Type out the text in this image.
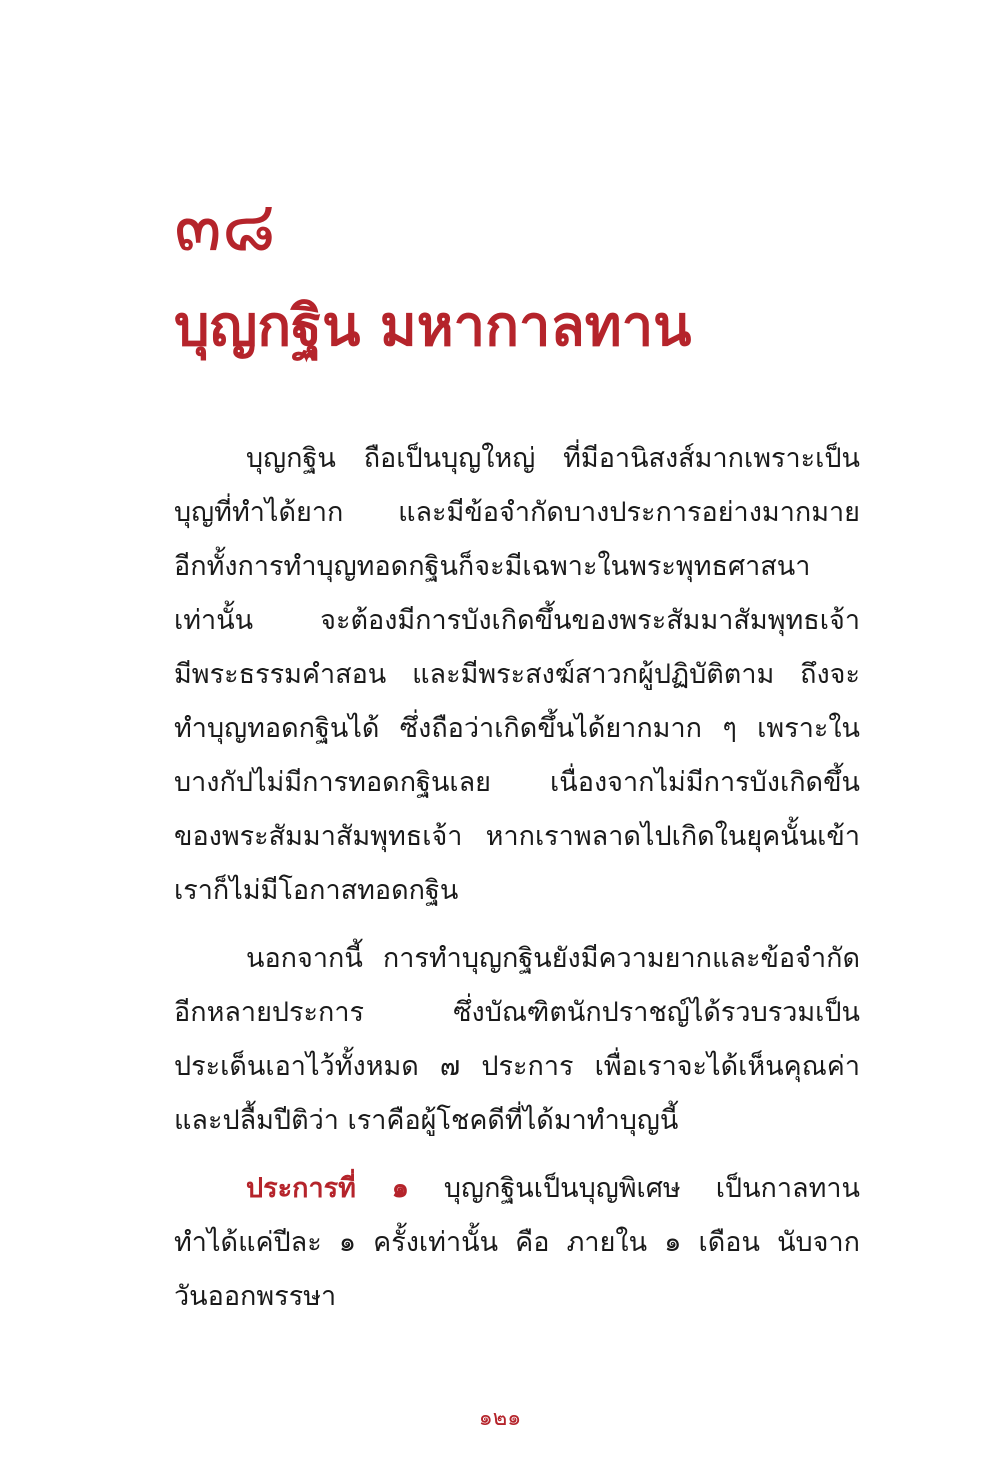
๓๘
บุญกฐิน มหากาลทาน
บุญกฐิน ถือเป็นบุญใหญ่ ที่มีอานิสงส์มากเพราะเป็น
บุญที่ทำได้ยาก และมีข้อจำกัดบางประการอย่างมากมาย
อีกทั้งการทำบุญทอดกฐินก็จะมีเฉพาะในพระพุทธศาสนา
เท่านั้น จะต้องมีการบังเกิดขึ้นของพระสัมมาสัมพุทธเจ้า
มีพระธรรมคำสอน และมีพระสงฆ์สาวกผู้ปฏิบัติตาม ถึงจะ
ทำบุญทอดกฐินได้ ซึ่งถือว่าเกิดขึ้นได้ยากมาก ๆ เพราะใน
บางกัปไม่มีการทอดกฐินเลย เนื่องจากไม่มีการบังเกิดขึ้น
ของพระสัมมาสัมพุทธเจ้า หากเราพลาดไปเกิดในยุคนั้นเข้า
เราก็ไม่มีโอกาสทอดกฐิน
นอกจากนี้ การทำบุญกฐินยังมีความยากและข้อจำกัด
อีกหลายประการ ซึ่งบัณฑิตนักปราชญ์ได้รวบรวมเป็น
ประเด็นเอาไว้ทั้งหมด ๗ ประการ เพื่อเราจะได้เห็นคุณค่า
และปลื้มปีติว่า เราคือผู้โชคดีที่ได้มาทำบุญนี้
ประการที่ ๑ บุญกฐินเป็นบุญพิเศษ เป็นกาลทาน
ทำได้แค่ปีละ ๑ ครั้งเท่านั้น คือ ภายใน ๑ เดือน นับจาก
วันออกพรรษา
๑๒๑
